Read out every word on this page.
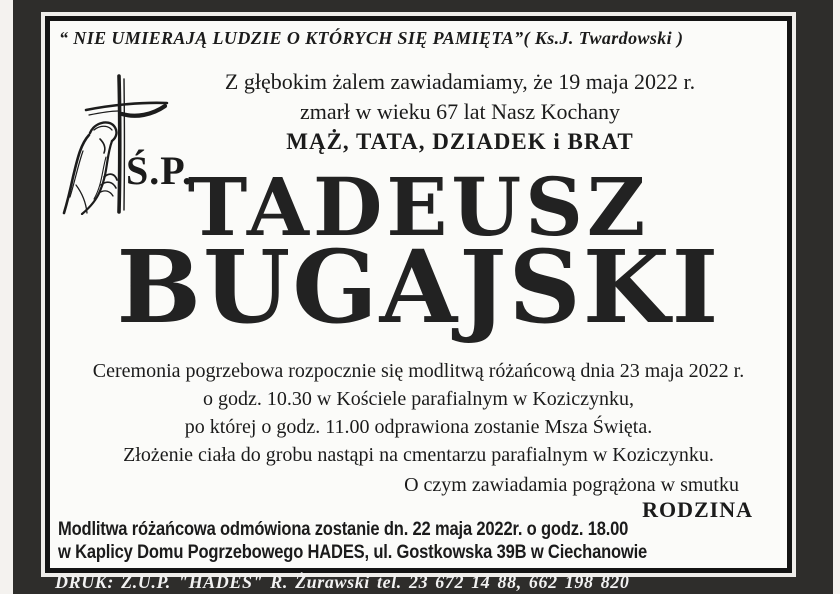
“ NIE UMIERAJĄ LUDZIE O KTÓRYCH SIĘ PAMIĘTA”( Ks.J. Twardowski )
Ś.P.
Z głębokim żalem zawiadamiamy, że 19 maja 2022 r.
zmarł w wieku 67 lat Nasz Kochany
MĄŻ, TATA, DZIADEK i BRAT
TADEUSZ
BUGAJSKI
Ceremonia pogrzebowa rozpocznie się modlitwą różańcową dnia 23 maja 2022 r.
o godz. 10.30 w Kościele parafialnym w Koziczynku,
po której o godz. 11.00 odprawiona zostanie Msza Święta.
Złożenie ciała do grobu nastąpi na cmentarzu parafialnym w Koziczynku.
O czym zawiadamia pogrążona w smutku
RODZINA
Modlitwa różańcowa odmówiona zostanie dn. 22 maja 2022r. o godz. 18.00
w Kaplicy Domu Pogrzebowego HADES, ul. Gostkowska 39B w Ciechanowie
DRUK: Z.U.P. "HADES" R. Żurawski tel. 23 672 14 88, 662 198 820
